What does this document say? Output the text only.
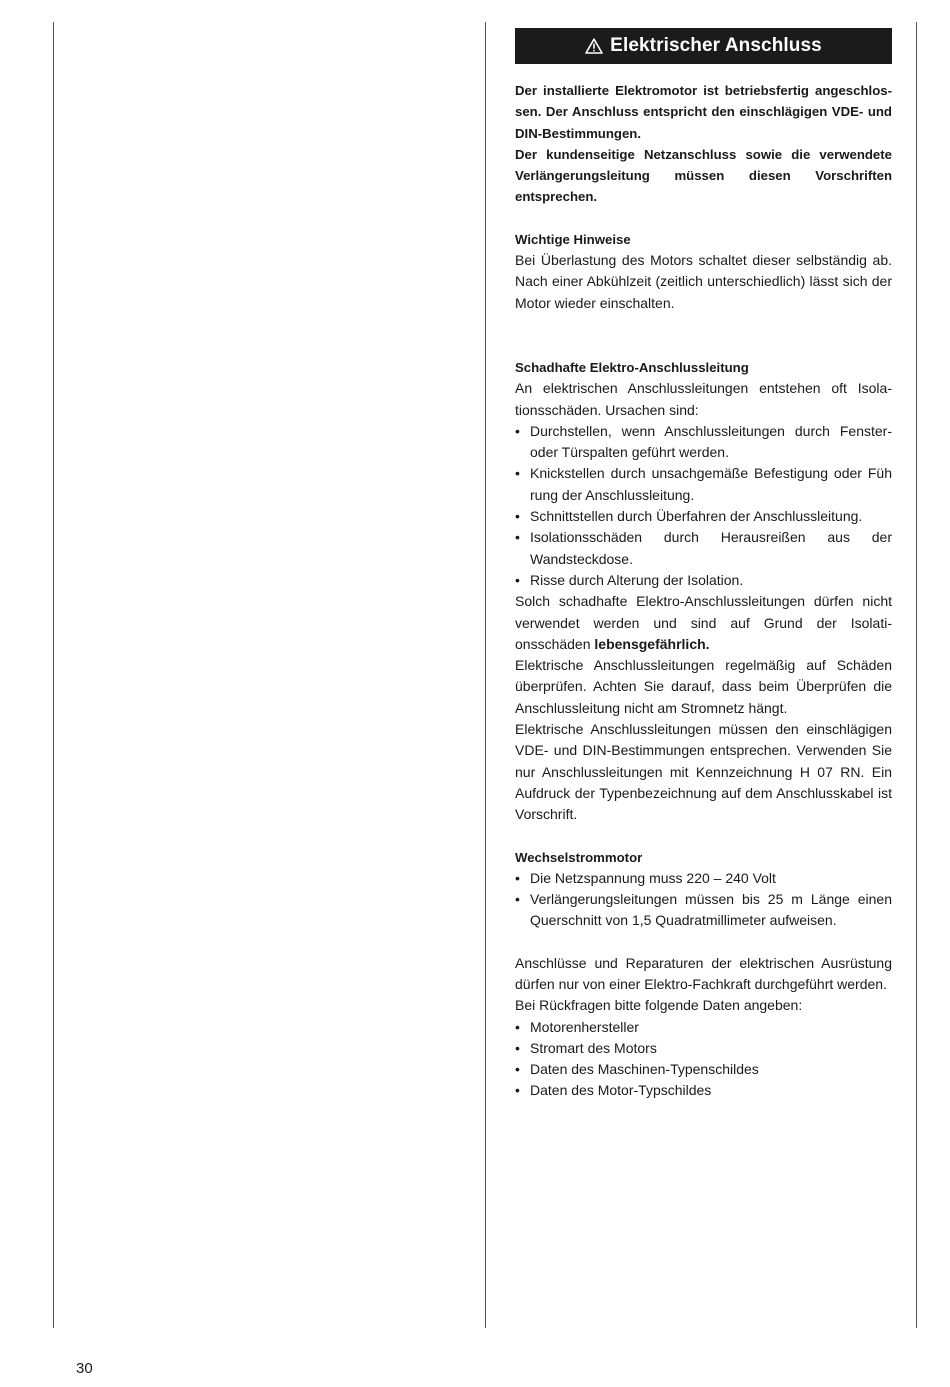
Elektrischer Anschluss

Der installierte Elektromotor ist betriebsfertig angeschlossen. Der Anschluss entspricht den einschlägigen VDE- und DIN-Bestimmungen.

Der kundenseitige Netzanschluss sowie die verwendete Verlängerungsleitung müssen diesen Vorschriften entsprechen.

Wichtige Hinweise

Bei Überlastung des Motors schaltet dieser selbständig ab. Nach einer Abkühlzeit (zeitlich unterschiedlich) lässt sich der Motor wieder einschalten.

Schadhafte Elektro-Anschlussleitung

An elektrischen Anschlussleitungen entstehen oft Isolationsschäden. Ursachen sind:

• Durchstellen, wenn Anschlussleitungen durch Fenster- oder Türspalten geführt werden.
• Knickstellen durch unsachgemäße Befestigung oder Füh rung der Anschlussleitung.
• Schnittstellen durch Überfahren der Anschlussleitung.
• Isolationsschäden durch Herausreißen aus der Wandsteckdose.
• Risse durch Alterung der Isolation.

Solch schadhafte Elektro-Anschlussleitungen dürfen nicht verwendet werden und sind auf Grund der Isolationsschäden lebensgefährlich.

Elektrische Anschlussleitungen regelmäßig auf Schäden überprüfen. Achten Sie darauf, dass beim Überprüfen die Anschlussleitung nicht am Stromnetz hängt.

Elektrische Anschlussleitungen müssen den einschlägigen VDE- und DIN-Bestimmungen entsprechen. Verwenden Sie nur Anschlussleitungen mit Kennzeichnung H 07 RN. Ein Aufdruck der Typenbezeichnung auf dem Anschlusskabel ist Vorschrift.

Wechselstrommotor

• Die Netzspannung muss 220 – 240 Volt
• Verlängerungsleitungen müssen bis 25 m Länge einen Querschnitt von 1,5 Quadratmillimeter aufweisen.

Anschlüsse und Reparaturen der elektrischen Ausrüstung dürfen nur von einer Elektro-Fachkraft durchgeführt werden.

Bei Rückfragen bitte folgende Daten angeben:

• Motorenhersteller
• Stromart des Motors
• Daten des Maschinen-Typenschildes
• Daten des Motor-Typschildes
30
